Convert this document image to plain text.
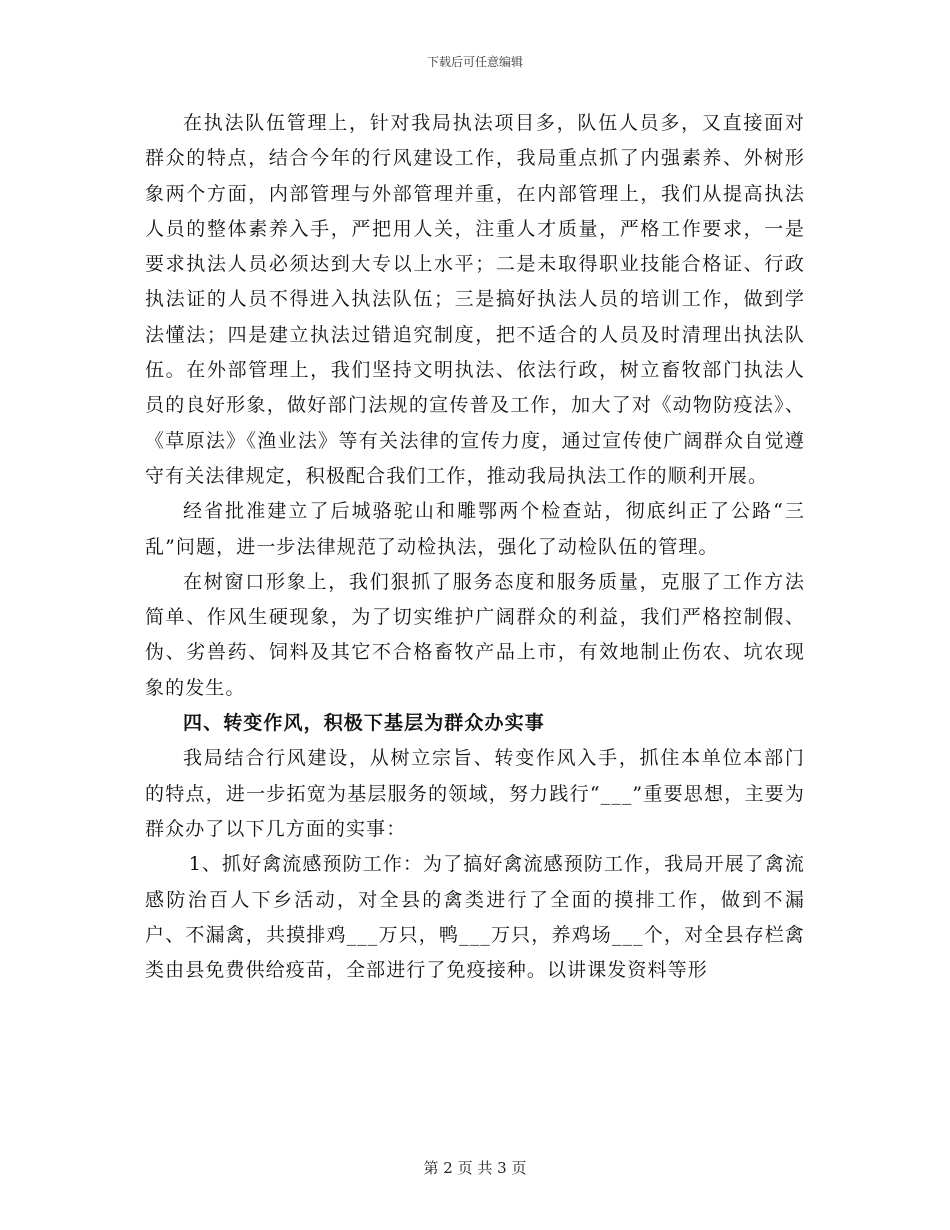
下载后可任意编辑

在执法队伍管理上，针对我局执法项目多，队伍人员多，又直接面对群众的特点，结合今年的行风建设工作，我局重点抓了内强素养、外树形象两个方面，内部管理与外部管理并重，在内部管理上，我们从提高执法人员的整体素养入手，严把用人关，注重人才质量，严格工作要求，一是要求执法人员必须达到大专以上水平；二是未取得职业技能合格证、行政执法证的人员不得进入执法队伍；三是搞好执法人员的培训工作，做到学法懂法；四是建立执法过错追究制度，把不适合的人员及时清理出执法队伍。在外部管理上，我们坚持文明执法、依法行政，树立畜牧部门执法人员的良好形象，做好部门法规的宣传普及工作，加大了对《动物防疫法》、《草原法》《渔业法》等有关法律的宣传力度，通过宣传使广阔群众自觉遵守有关法律规定，积极配合我们工作，推动我局执法工作的顺利开展。

经省批准建立了后城骆驼山和雕鄂两个检查站，彻底纠正了公路“三乱”问题，进一步法律规范了动检执法，强化了动检队伍的管理。

在树窗口形象上，我们狠抓了服务态度和服务质量，克服了工作方法简单、作风生硬现象，为了切实维护广阔群众的利益，我们严格控制假、伪、劣兽药、饲料及其它不合格畜牧产品上市，有效地制止伤农、坑农现象的发生。

四、转变作风，积极下基层为群众办实事

我局结合行风建设，从树立宗旨、转变作风入手，抓住本单位本部门的特点，进一步拓宽为基层服务的领域，努力践行“___”重要思想，主要为群众办了以下几方面的实事：

1、抓好禽流感预防工作：为了搞好禽流感预防工作，我局开展了禽流感防治百人下乡活动，对全县的禽类进行了全面的摸排工作，做到不漏户、不漏禽，共摸排鸡___万只，鸭___万只，养鸡场___个，对全县存栏禽类由县免费供给疫苗，全部进行了免疫接种。以讲课发资料等形

第 2 页 共 3 页
